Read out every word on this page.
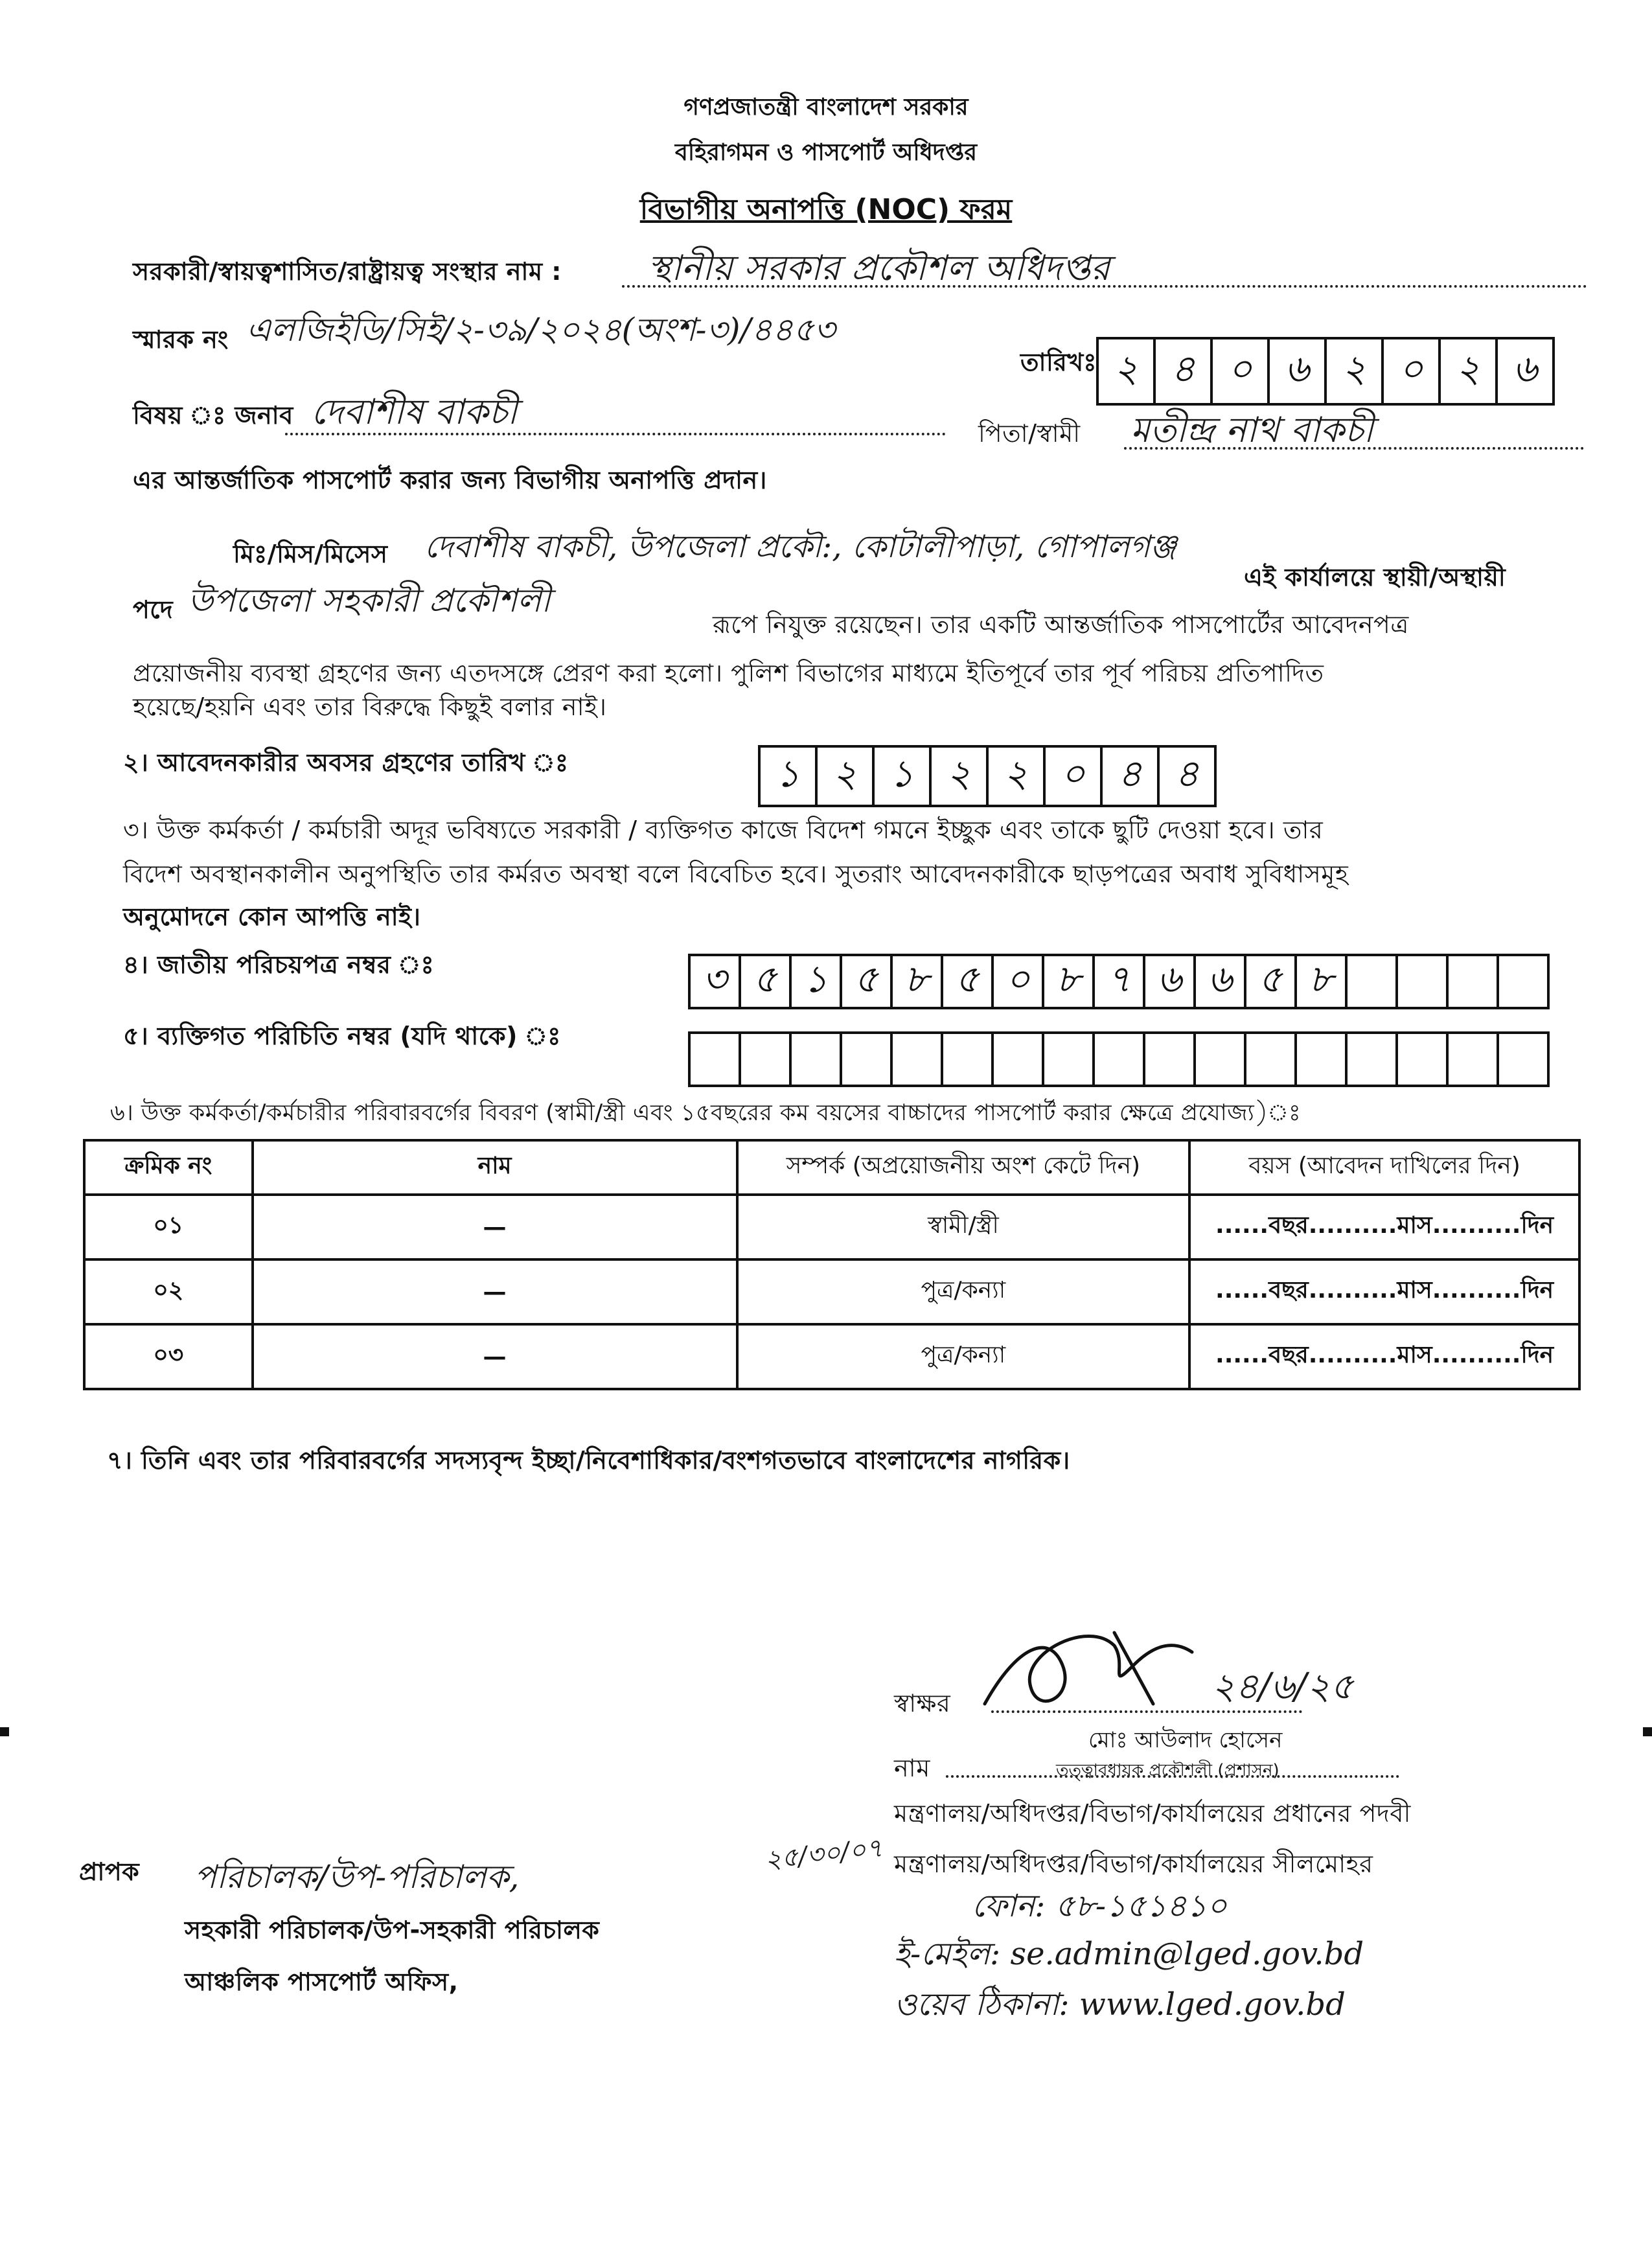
গণপ্রজাতন্ত্রী বাংলাদেশ সরকার
বহিরাগমন ও পাসপোর্ট অধিদপ্তর
বিভাগীয় অনাপত্তি (NOC) ফরম
সরকারী/স্বায়ত্বশাসিত/রাষ্ট্রায়ত্ব সংস্থার নাম : স্থানীয় সরকার প্রকৌশল অধিদপ্তর
স্মারক নং এলজিইডি/সিই/২-৩৯/২০২৪(অংশ-৩)/৪৪৫৩
তারিখঃ ২ ৪ ০ ৬ ২ ০ ২ ৬
বিষয় ঃ জনাব দেবাশীষ বাকচী
পিতা/স্বামী মতীন্দ্র নাথ বাকচী
এর আন্তর্জাতিক পাসপোর্ট করার জন্য বিভাগীয় অনাপত্তি প্রদান।
মিঃ/মিস/মিসেস দেবাশীষ বাকচী, উপজেলা প্রকৌ:, কোটালীপাড়া, গোপালগঞ্জ
এই কার্যালয়ে স্থায়ী/অস্থায়ী
পদে উপজেলা সহকারী প্রকৌশলী
রূপে নিযুক্ত রয়েছেন। তার একটি আন্তর্জাতিক পাসপোর্টের আবেদনপত্র
প্রয়োজনীয় ব্যবস্থা গ্রহণের জন্য এতদসঙ্গে প্রেরণ করা হলো। পুলিশ বিভাগের মাধ্যমে ইতিপূর্বে তার পূর্ব পরিচয় প্রতিপাদিত
হয়েছে/হয়নি এবং তার বিরুদ্ধে কিছুই বলার নাই।
২। আবেদনকারীর অবসর গ্রহণের তারিখ ঃ	১ ২ ১ ২ ২ ০ ৪ ৪
৩। উক্ত কর্মকর্তা / কর্মচারী অদূর ভবিষ্যতে সরকারী / ব্যক্তিগত কাজে বিদেশ গমনে ইচ্ছুক এবং তাকে ছুটি দেওয়া হবে। তার
বিদেশ অবস্থানকালীন অনুপস্থিতি তার কর্মরত অবস্থা বলে বিবেচিত হবে। সুতরাং আবেদনকারীকে ছাড়পত্রের অবাধ সুবিধাসমূহ
অনুমোদনে কোন আপত্তি নাই।
৪। জাতীয় পরিচয়পত্র নম্বর ঃ	৩ ৫ ১ ৫ ৮ ৫ ০ ৮ ৭ ৬ ৬ ৫ ৮
৫। ব্যক্তিগত পরিচিতি নম্বর (যদি থাকে) ঃ
৬। উক্ত কর্মকর্তা/কর্মচারীর পরিবারবর্গের বিবরণ (স্বামী/স্ত্রী এবং ১৫বছরের কম বয়সের বাচ্চাদের পাসপোর্ট করার ক্ষেত্রে প্রযোজ্য)ঃ
ক্রমিক নং	নাম	সম্পর্ক (অপ্রয়োজনীয় অংশ কেটে দিন)	বয়স (আবেদন দাখিলের দিন)
০১	—	স্বামী/স্ত্রী	......বছর..........মাস..........দিন
০২	—	পুত্র/কন্যা	......বছর..........মাস..........দিন
০৩	—	পুত্র/কন্যা	......বছর..........মাস..........দিন
৭। তিনি এবং তার পরিবারবর্গের সদস্যবৃন্দ ইচ্ছা/নিবেশাধিকার/বংশগতভাবে বাংলাদেশের নাগরিক।
স্বাক্ষর	২৪/৬/২৫
মোঃ আউলাদ হোসেন
নাম	তত্ত্বাবধায়ক প্রকৌশলী (প্রশাসন)
মন্ত্রণালয়/অধিদপ্তর/বিভাগ/কার্যালয়ের প্রধানের পদবী
মন্ত্রণালয়/অধিদপ্তর/বিভাগ/কার্যালয়ের সীলমোহর
২৫/৩০/০৭
ফোন: ৫৮-১৫১৪১০
ই-মেইল: se.admin@lged.gov.bd
ওয়েব ঠিকানা: www.lged.gov.bd
প্রাপক পরিচালক/উপ-পরিচালক,
সহকারী পরিচালক/উপ-সহকারী পরিচালক
আঞ্চলিক পাসপোর্ট অফিস,
